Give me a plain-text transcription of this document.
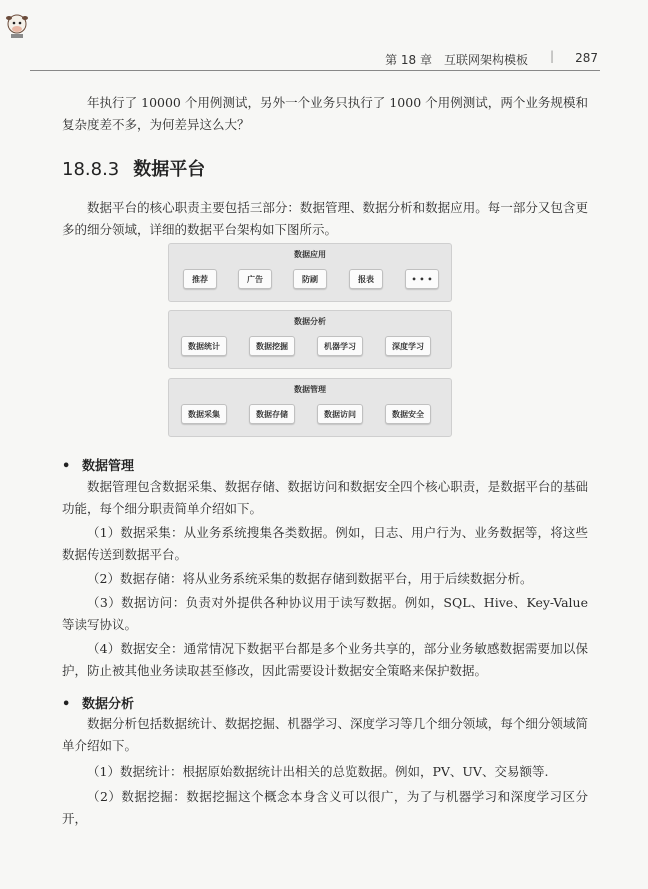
第 18 章　互联网架构模板 | 287

年执行了 10000 个用例测试，另外一个业务只执行了 1000 个用例测试，两个业务规模和复杂度差不多，为何差异这么大？

18.8.3 数据平台

数据平台的核心职责主要包括三部分：数据管理、数据分析和数据应用。每一部分又包含更多的细分领域，详细的数据平台架构如下图所示。

数据应用
推荐	广告	防刷	报表	• • •
数据分析
数据统计	数据挖掘	机器学习	深度学习
数据管理
数据采集	数据存储	数据访问	数据安全
• 数据管理

数据管理包含数据采集、数据存储、数据访问和数据安全四个核心职责，是数据平台的基础功能，每个细分职责简单介绍如下。

（1）数据采集：从业务系统搜集各类数据。例如，日志、用户行为、业务数据等，将这些数据传送到数据平台。

（2）数据存储：将从业务系统采集的数据存储到数据平台，用于后续数据分析。

（3）数据访问：负责对外提供各种协议用于读写数据。例如，SQL、Hive、Key-Value 等读写协议。

（4）数据安全：通常情况下数据平台都是多个业务共享的，部分业务敏感数据需要加以保护，防止被其他业务读取甚至修改，因此需要设计数据安全策略来保护数据。

• 数据分析

数据分析包括数据统计、数据挖掘、机器学习、深度学习等几个细分领域，每个细分领域简单介绍如下。

（1）数据统计：根据原始数据统计出相关的总览数据。例如，PV、UV、交易额等.

（2）数据挖掘：数据挖掘这个概念本身含义可以很广，为了与机器学习和深度学习区分开，
